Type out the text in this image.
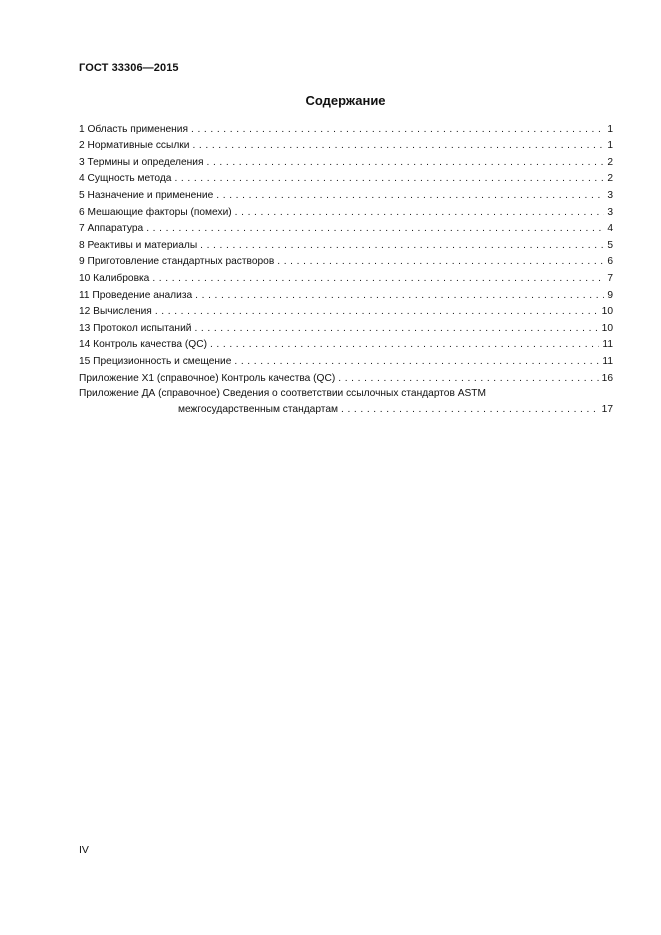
ГОСТ 33306—2015
Содержание
1 Область применения . . .	1
2 Нормативные ссылки . . .	1
3 Термины и определения . . .	2
4 Сущность метода . . .	2
5 Назначение и применение . . .	3
6 Мешающие факторы (помехи) . . .	3
7 Аппаратура . . .	4
8 Реактивы и материалы . . .	5
9 Приготовление стандартных растворов . . .	6
10 Калибровка . . .	7
11 Проведение анализа . . .	9
12 Вычисления . . .	10
13 Протокол испытаний . . .	10
14 Контроль качества (QC) . . .	11
15 Прецизионность и смещение . . .	11
Приложение X1 (справочное) Контроль качества (QC) . . .	16
Приложение ДА (справочное) Сведения о соответствии ссылочных стандартов ASTM
межгосударственным стандартам . . .	17
IV
